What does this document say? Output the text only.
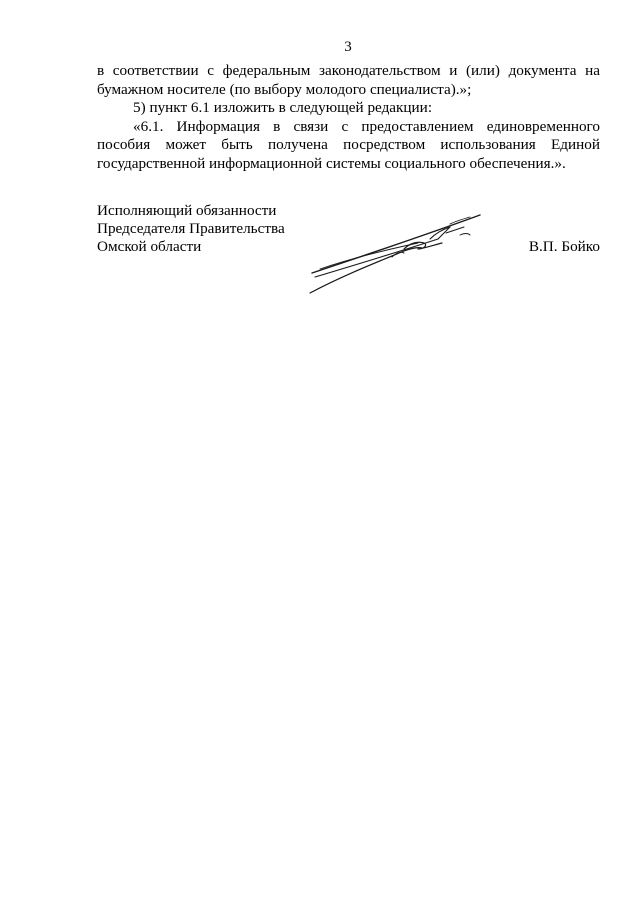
3

в соответствии с федеральным законодательством и (или) документа на бумажном носителе (по выбору молодого специалиста).»;

5) пункт 6.1 изложить в следующей редакции:

«6.1. Информация в связи с предоставлением единовременного пособия может быть получена посредством использования Единой государственной информационной системы социального обеспечения.».

Исполняющий обязанности
Председателя Правительства
Омской области	В.П. Бойко
